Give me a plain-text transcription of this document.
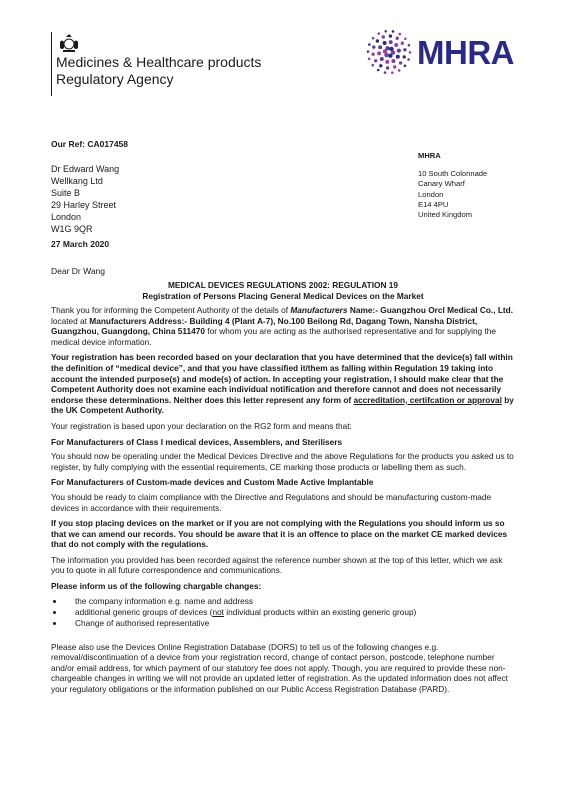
Medicines & Healthcare products
Regulatory Agency
MHRA
Our Ref: CA017458
Dr Edward Wang
Wellkang Ltd
Suite B
29 Harley Street
London
W1G 9QR
MHRA
10 South Colonnade
Canary Wharf
London
E14 4PU
United Kingdom
27 March 2020
Dear Dr Wang
MEDICAL DEVICES REGULATIONS 2002: REGULATION 19
Registration of Persons Placing General Medical Devices on the Market

Thank you for informing the Competent Authority of the details of Manufacturers Name:- Guangzhou Orcl Medical Co., Ltd. located at Manufacturers Address:- Building 4 (Plant A-7), No.100 Beilong Rd, Dagang Town, Nansha District, Guangzhou, Guangdong, China 511470 for whom you are acting as the authorised representative and for supplying the medical device information.

Your registration has been recorded based on your declaration that you have determined that the device(s) fall within the definition of “medical device”, and that you have classified it/them as falling within Regulation 19 taking into account the intended purpose(s) and mode(s) of action. In accepting your registration, I should make clear that the Competent Authority does not examine each individual notification and therefore cannot and does not necessarily endorse these determinations. Neither does this letter represent any form of accreditation, certifcation or approval by the UK Competent Authority.

Your registration is based upon your declaration on the RG2 form and means that:

For Manufacturers of Class I medical devices, Assemblers, and Sterilisers

You should now be operating under the Medical Devices Directive and the above Regulations for the products you asked us to register, by fully complying with the essential requirements, CE marking those products or labelling them as such.

For Manufacturers of Custom-made devices and Custom Made Active Implantable

You should be ready to claim compliance with the Directive and Regulations and should be manufacturing custom-made devices in accordance with their requirements.

If you stop placing devices on the market or if you are not complying with the Regulations you should inform us so that we can amend our records. You should be aware that it is an offence to place on the market CE marked devices that do not comply with the regulations.

The information you provided has been recorded against the reference number shown at the top of this letter, which we ask you to quote in all future correspondence and communications.

Please inform us of the following chargable changes:

• the company information e.g. name and address
• additional generic groups of devices (not individual products within an existing generic group)
• Change of authorised representative

Please also use the Devices Online Registration Database (DORS) to tell us of the following changes e.g. removal/discontinuation of a device from your registration record, change of contact person, postcode, telephone number and/or email address, for which payment of our statutory fee does not apply. Though, you are required to provide these non-chargeable changes in writing we will not provide an updated letter of registration. As the updated information does not affect your regulatory obligations or the information published on our Public Access Registration Database (PARD).
